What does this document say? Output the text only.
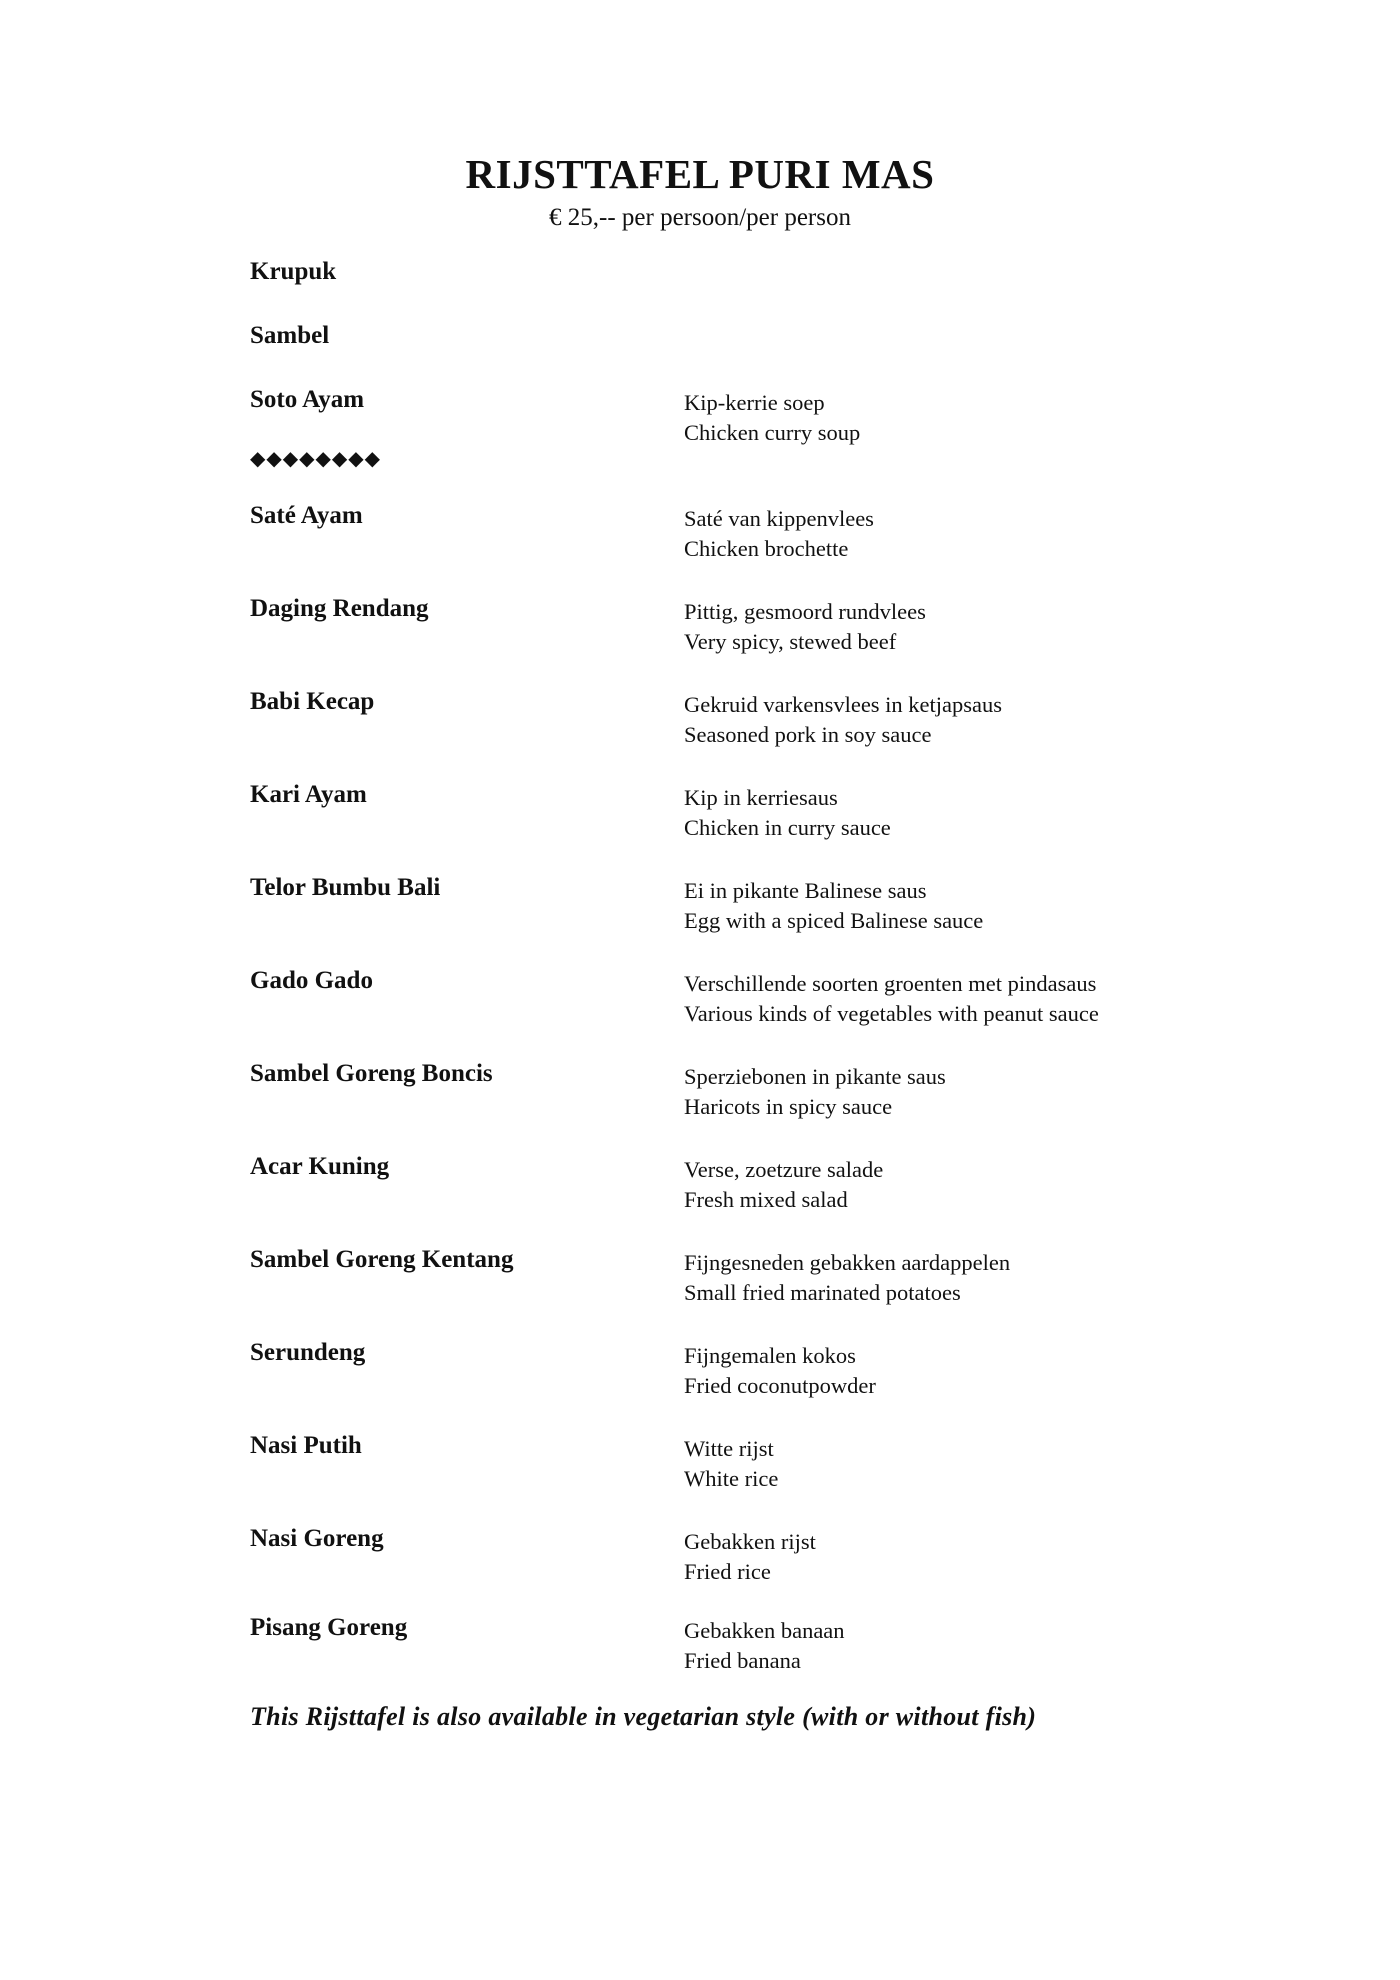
RIJSTTAFEL PURI MAS
€ 25,-- per persoon/per person
Krupuk
Sambel
Soto Ayam	Kip-kerrie soep
Chicken curry soup
◆◆◆◆◆◆◆◆
Saté Ayam	Saté van kippenvlees
Chicken brochette
Daging Rendang	Pittig, gesmoord rundvlees
Very spicy, stewed beef
Babi Kecap	Gekruid varkensvlees in ketjapsaus
Seasoned pork in soy sauce
Kari Ayam	Kip in kerriesaus
Chicken in curry sauce
Telor Bumbu Bali	Ei in pikante Balinese saus
Egg with a spiced Balinese sauce
Gado Gado	Verschillende soorten groenten met pindasaus
Various kinds of vegetables with peanut sauce
Sambel Goreng Boncis	Sperziebonen in pikante saus
Haricots in spicy sauce
Acar Kuning	Verse, zoetzure salade
Fresh mixed salad
Sambel Goreng Kentang	Fijngesneden gebakken aardappelen
Small fried marinated potatoes
Serundeng	Fijngemalen kokos
Fried coconutpowder
Nasi Putih	Witte rijst
White rice
Nasi Goreng	Gebakken rijst
Fried rice
Pisang Goreng	Gebakken banaan
Fried banana
This Rijsttafel is also available in vegetarian style (with or without fish)
